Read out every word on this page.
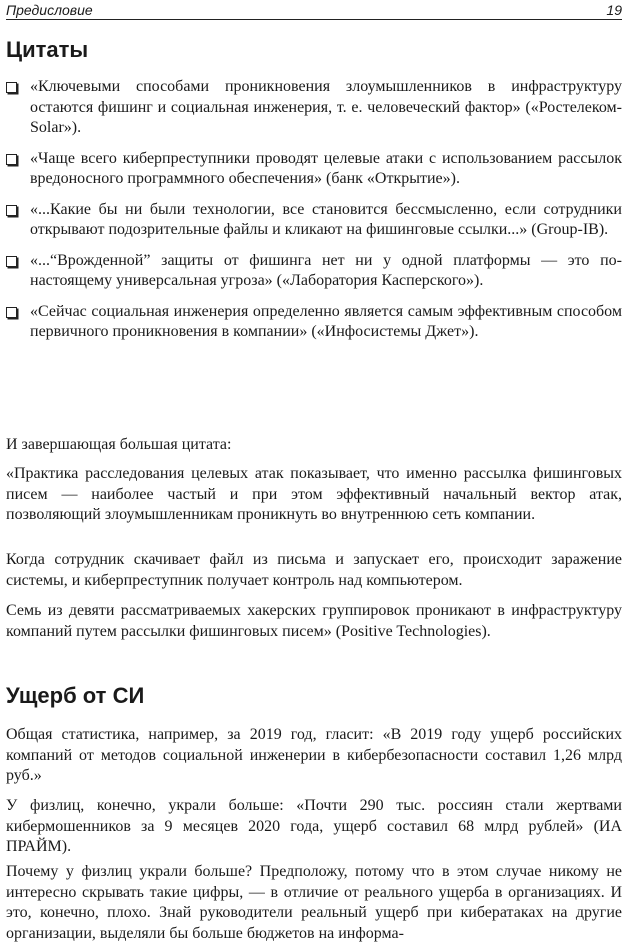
Предисловие	19
Цитаты
«Ключевыми способами проникновения злоумышленников в инфраструктуру остаются фишинг и социальная инженерия, т. е. человеческий фактор» («Ростелеком-Solar»).
«Чаще всего киберпреступники проводят целевые атаки с использованием рассылок вредоносного программного обеспечения» (банк «Открытие»).
«...Какие бы ни были технологии, все становится бессмысленно, если сотрудники открывают подозрительные файлы и кликают на фишинговые ссылки...» (Group-IB).
«...“Врожденной” защиты от фишинга нет ни у одной платформы — это по-настоящему универсальная угроза» («Лаборатория Касперского»).
«Сейчас социальная инженерия определенно является самым эффективным способом первичного проникновения в компании» («Инфосистемы Джет»).

И завершающая большая цитата:

«Практика расследования целевых атак показывает, что именно рассылка фишинговых писем — наиболее частый и при этом эффективный начальный вектор атак, позволяющий злоумышленникам проникнуть во внутреннюю сеть компании.

Когда сотрудник скачивает файл из письма и запускает его, происходит заражение системы, и киберпреступник получает контроль над компьютером.

Семь из девяти рассматриваемых хакерских группировок проникают в инфраструктуру компаний путем рассылки фишинговых писем» (Positive Technologies).

Ущерб от СИ

Общая статистика, например, за 2019 год, гласит: «В 2019 году ущерб российских компаний от методов социальной инженерии в кибербезопасности составил 1,26 млрд руб.»

У физлиц, конечно, украли больше: «Почти 290 тыс. россиян стали жертвами кибермошенников за 9 месяцев 2020 года, ущерб составил 68 млрд рублей» (ИА ПРАЙМ).

Почему у физлиц украли больше? Предположу, потому что в этом случае никому не интересно скрывать такие цифры, — в отличие от реального ущерба в организациях. И это, конечно, плохо. Знай руководители реальный ущерб при кибератаках на другие организации, выделяли бы больше бюджетов на информа-
